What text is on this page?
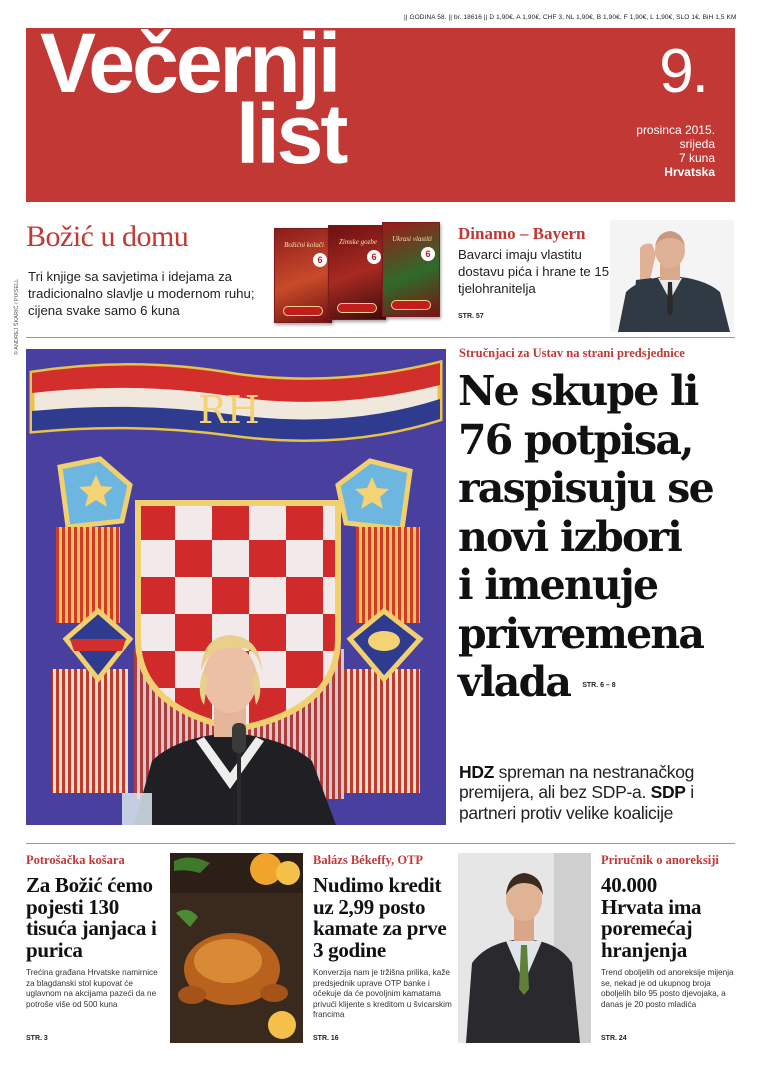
|| GODINA 58. || br. 18616 || D 1,90€, A 1,90€, CHF 3, NL 1,90€, B 1,90€, F 1,90€, L 1,90€, SLO 1€, BiH 1,5 KM
Večernji
list
9.
prosinca 2015.
srijeda
7 kuna
Hrvatska
Božić u domu
Tri knjige sa savjetima i idejama za tradicionalno slavlje u modernom ruhu; cijena svake samo 6 kuna
Božićni kolači
6
Zimske gozbe
6
Ukrasi vlastiti
6
Dinamo – Bayern
Bavarci imaju vlastitu dostavu pića i hrane te 15 tjelohranitelja
STR. 57
© ANDREJ ŠKARIĆ / PIXSELL
RH
Stručnjaci za Ustav na strani predsjednice
Ne skupe li
76 potpisa,
raspisuju se
novi izbori
i imenuje
privremena
vlada STR. 6 – 8
HDZ spreman na nestranačkog premijera, ali bez SDP-a. SDP i partneri protiv velike koalicije
Potrošačka košara
Za Božić ćemo pojesti 130 tisuća janjaca i purica
Trećina građana Hrvatske namirnice za blagdanski stol kupovat će uglavnom na akcijama pazeći da ne potroše više od 500 kuna
STR. 3
Balázs Békeffy, OTP
Nudimo kredit uz 2,99 posto kamate za prve 3 godine
Konverzija nam je tržišna prilika, kaže predsjednik uprave OTP banke i očekuje da će povoljnim kamatama privući klijente s kreditom u švicarskim francima
STR. 16
Priručnik o anoreksiji
40.000 Hrvata ima poremećaj hranjenja
Trend oboljelih od anoreksije mijenja se, nekad je od ukupnog broja oboljelih bilo 95 posto djevojaka, a danas je 20 posto mladića
STR. 24
